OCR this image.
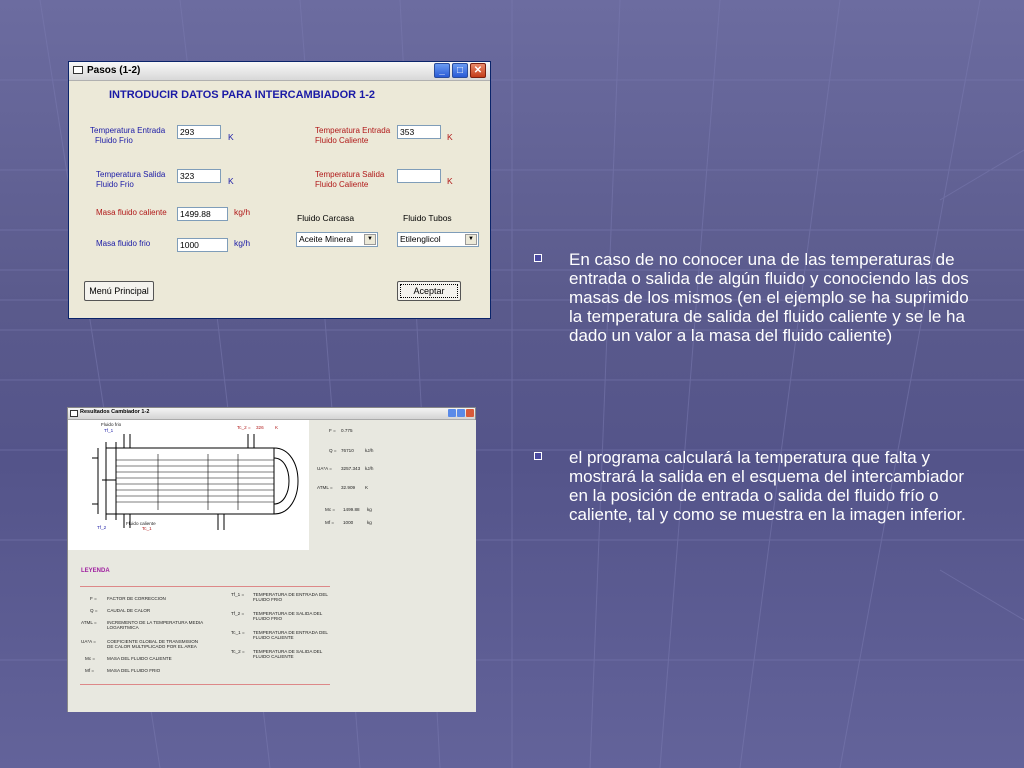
Pasos (1-2)	_	□	✕
INTRODUCIR DATOS PARA INTERCAMBIADOR 1-2
Temperatura Entrada
Fluido Frio
293	K
Temperatura Salida
Fluido Frio
323	K
Masa fluido caliente	1499.88	kg/h
Masa fluido frio	1000	kg/h
Temperatura Entrada
Fluido Caliente
353	K
Temperatura Salida
Fluido Caliente	K
Fluido Carcasa
Aceite Mineral	▼
Fluido Tubos
Etilenglicol	▼
Menú Principal	Aceptar
Resultados Cambiador 1-2
Fluido frio
Tf_1
Tc_2 = 326 K
Fluido caliente
Tf_2	Tc_1
F = 0.775
Q = 76710 kJ/h
UA*A = 3257.343 kJ/h
ATML = 32.909 K
Mc = 1499.88 kg
Mf = 1000	kg
LEYENDA
F = FACTOR DE CORRECCION
Q = CAUDAL DE CALOR
ATML = INCREMENTO DE LA TEMPERATURA MEDIA LOGARITMICA
UA*A = COEFICIENTE GLOBAL DE TRANSMISION DE CALOR MULTIPLICADO POR EL AREA
Mc =	MASA DEL FLUIDO CALIENTE
Mf =	MASA DEL FLUIDO FRIO
Tf_1 = TEMPERATURA DE ENTRADA DEL FLUIDO FRIO
Tf_2 = TEMPERATURA DE SALIDA DEL FLUIDO FRIO
Tc_1 = TEMPERATURA DE ENTRADA DEL FLUIDO CALIENTE
Tc_2 = TEMPERATURA DE SALIDA DEL FLUIDO CALIENTE
En caso de no conocer una de las temperaturas de entrada o salida de algún fluido y conociendo las dos masas de los mismos (en el ejemplo se ha suprimido la temperatura de salida del fluido caliente y se le ha dado un valor a la masa del fluido caliente)
el programa calculará la temperatura que falta y mostrará la salida en el esquema del intercambiador en la posición de entrada o salida del fluido frío o caliente, tal y como se muestra en la imagen inferior.
